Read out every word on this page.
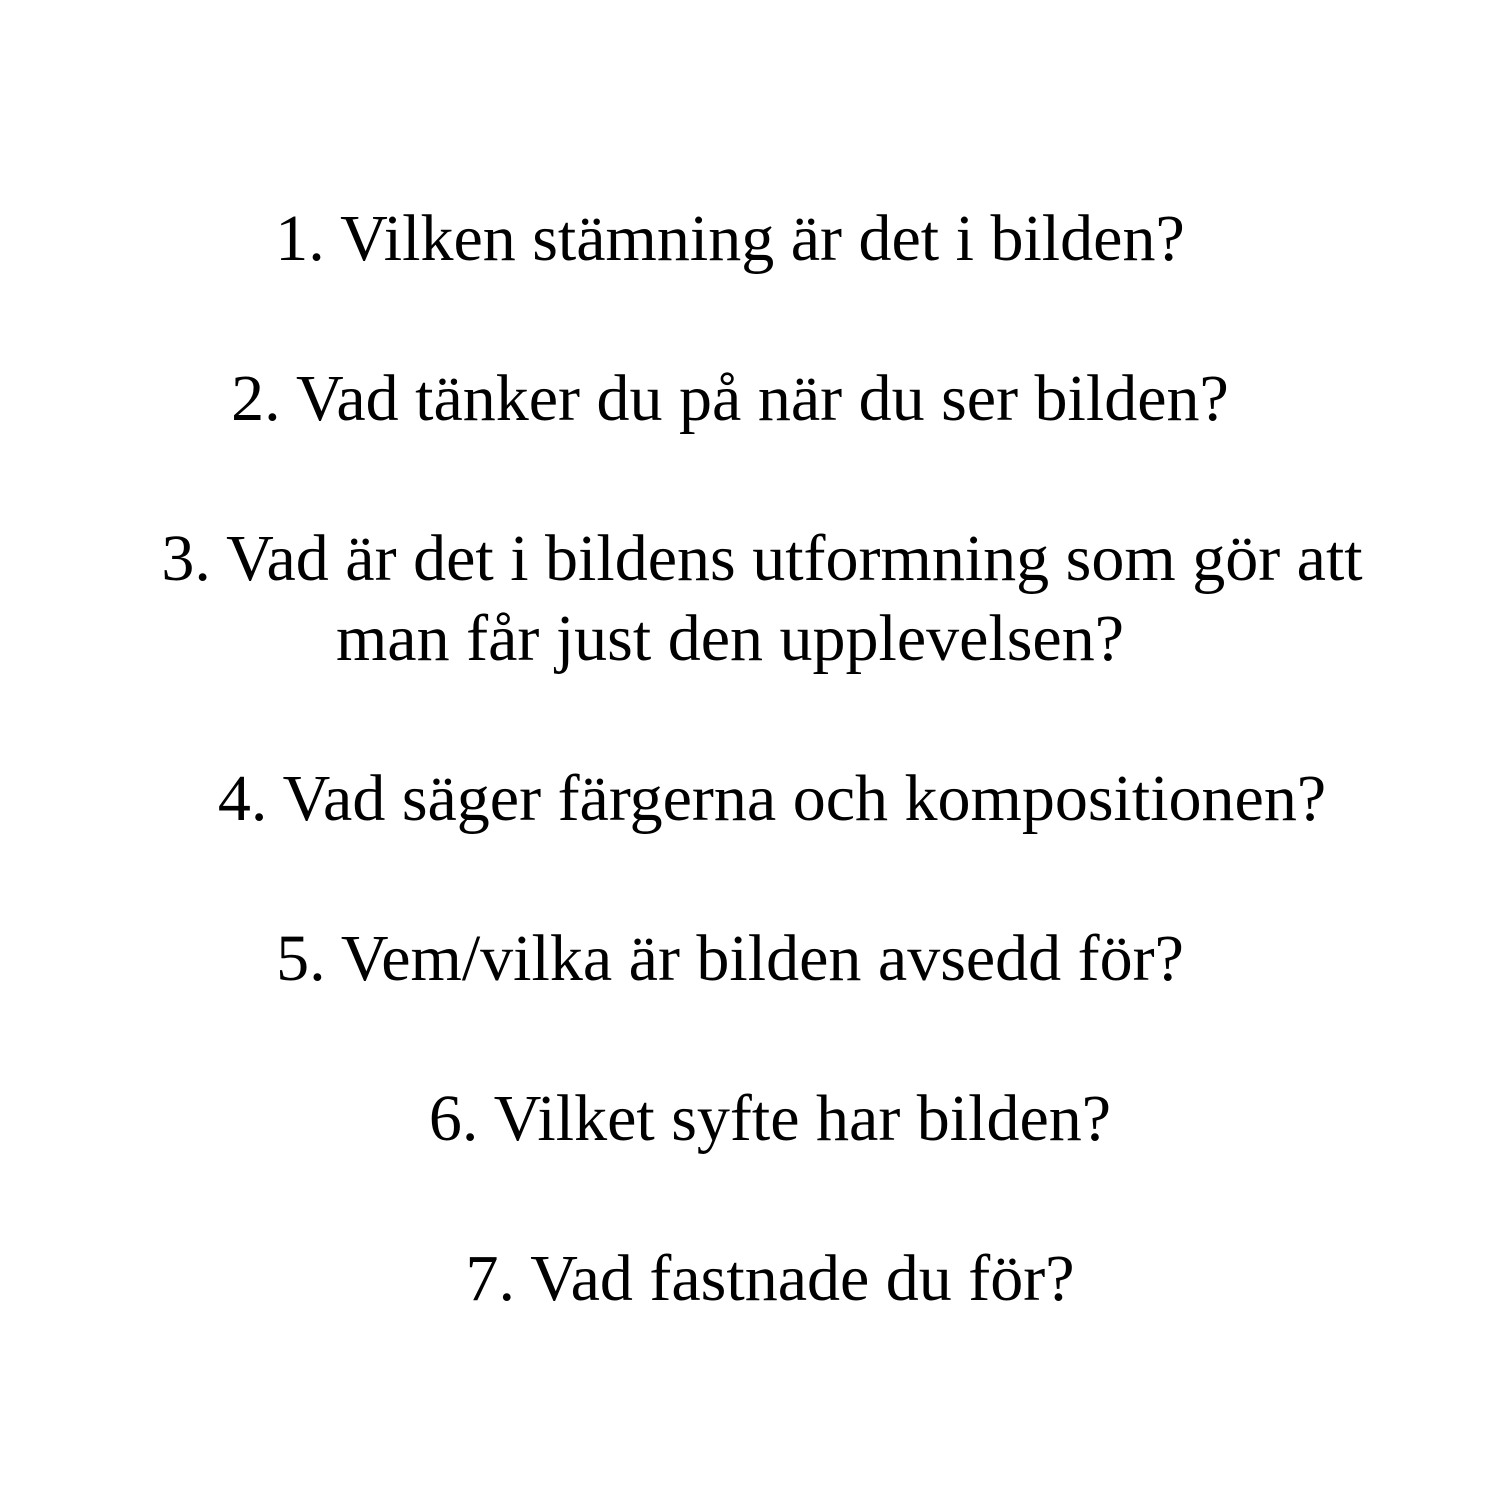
1. Vilken stämning är det i bilden?

2. Vad tänker du på när du ser bilden?

3. Vad är det i bildens utformning som gör att

man får just den upplevelsen?

4. Vad säger färgerna och kompositionen?

5. Vem/vilka är bilden avsedd för?

6. Vilket syfte har bilden?

7. Vad fastnade du för?
